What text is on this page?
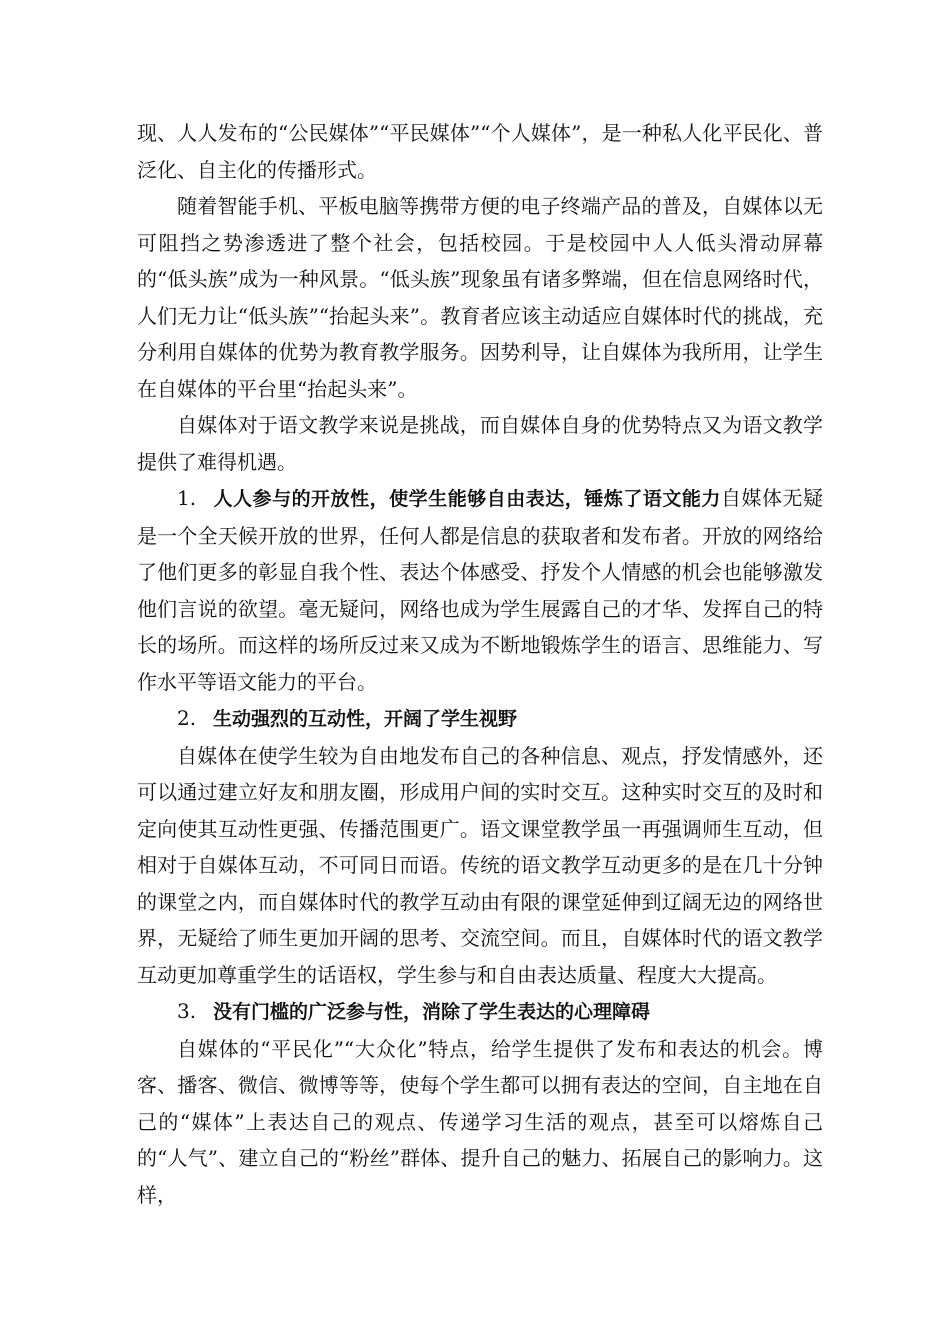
现、人人发布的“公民媒体”“平民媒体”“个人媒体”，是一种私人化平民化、普泛化、自主化的传播形式。

随着智能手机、平板电脑等携带方便的电子终端产品的普及，自媒体以无可阻挡之势渗透进了整个社会，包括校园。于是校园中人人低头滑动屏幕的“低头族”成为一种风景。“低头族”现象虽有诸多弊端，但在信息网络时代，人们无力让“低头族”“抬起头来”。教育者应该主动适应自媒体时代的挑战，充分利用自媒体的优势为教育教学服务。因势利导，让自媒体为我所用，让学生在自媒体的平台里“抬起头来”。

自媒体对于语文教学来说是挑战，而自媒体自身的优势特点又为语文教学提供了难得机遇。

1. 人人参与的开放性，使学生能够自由表达，锤炼了语文能力自媒体无疑是一个全天候开放的世界，任何人都是信息的获取者和发布者。开放的网络给了他们更多的彰显自我个性、表达个体感受、抒发个人情感的机会也能够激发他们言说的欲望。毫无疑问，网络也成为学生展露自己的才华、发挥自己的特长的场所。而这样的场所反过来又成为不断地锻炼学生的语言、思维能力、写作水平等语文能力的平台。

2. 生动强烈的互动性，开阔了学生视野

自媒体在使学生较为自由地发布自己的各种信息、观点，抒发情感外，还可以通过建立好友和朋友圈，形成用户间的实时交互。这种实时交互的及时和定向使其互动性更强、传播范围更广。语文课堂教学虽一再强调师生互动，但相对于自媒体互动，不可同日而语。传统的语文教学互动更多的是在几十分钟的课堂之内，而自媒体时代的教学互动由有限的课堂延伸到辽阔无边的网络世界，无疑给了师生更加开阔的思考、交流空间。而且，自媒体时代的语文教学互动更加尊重学生的话语权，学生参与和自由表达质量、程度大大提高。

3. 没有门槛的广泛参与性，消除了学生表达的心理障碍

自媒体的“平民化”“大众化”特点，给学生提供了发布和表达的机会。博客、播客、微信、微博等等，使每个学生都可以拥有表达的空间，自主地在自己的“媒体”上表达自己的观点、传递学习生活的观点，甚至可以熔炼自己的“人气”、建立自己的“粉丝”群体、提升自己的魅力、拓展自己的影响力。这样，
